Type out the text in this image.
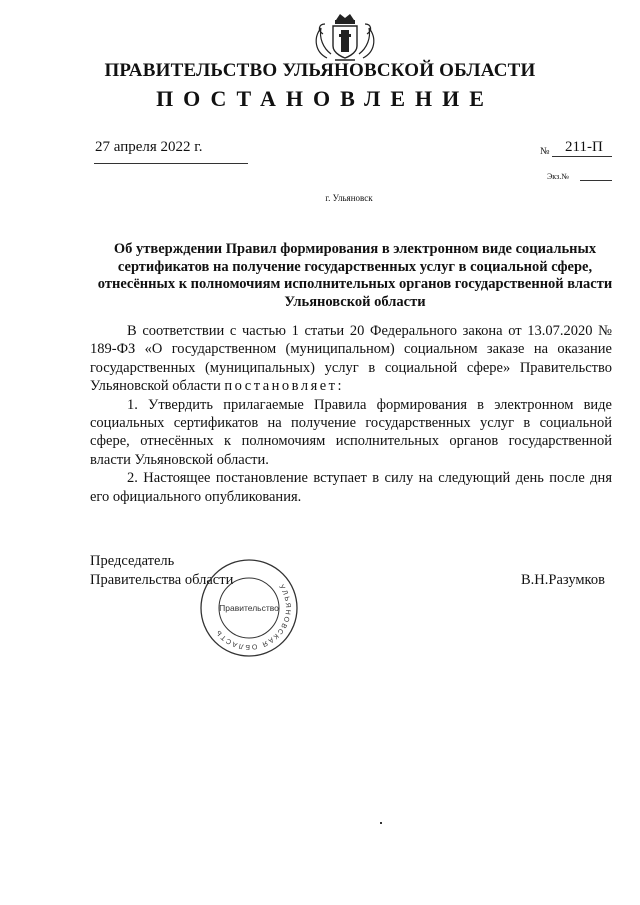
ПРАВИТЕЛЬСТВО УЛЬЯНОВСКОЙ ОБЛАСТИ
ПОСТАНОВЛЕНИЕ
27 апреля 2022 г.	№ 211-П
Экз.№
г. Ульяновск
Об утверждении Правил формирования в электронном виде социальных сертификатов на получение государственных услуг в социальной сфере, отнесённых к полномочиям исполнительных органов государственной власти Ульяновской области

В соответствии с частью 1 статьи 20 Федерального закона от 13.07.2020 № 189-ФЗ «О государственном (муниципальном) социальном заказе на оказание государственных (муниципальных) услуг в социальной сфере» Правительство Ульяновской области постановляет:

1. Утвердить прилагаемые Правила формирования в электронном виде социальных сертификатов на получение государственных услуг в социальной сфере, отнесённых к полномочиям исполнительных органов государственной власти Ульяновской области.

2. Настоящее постановление вступает в силу на следующий день после дня его официального опубликования.

Председатель
Правительства области	В.Н.Разумков
УЛЬЯНОВСКАЯ ОБЛАСТЬ
Правительство
